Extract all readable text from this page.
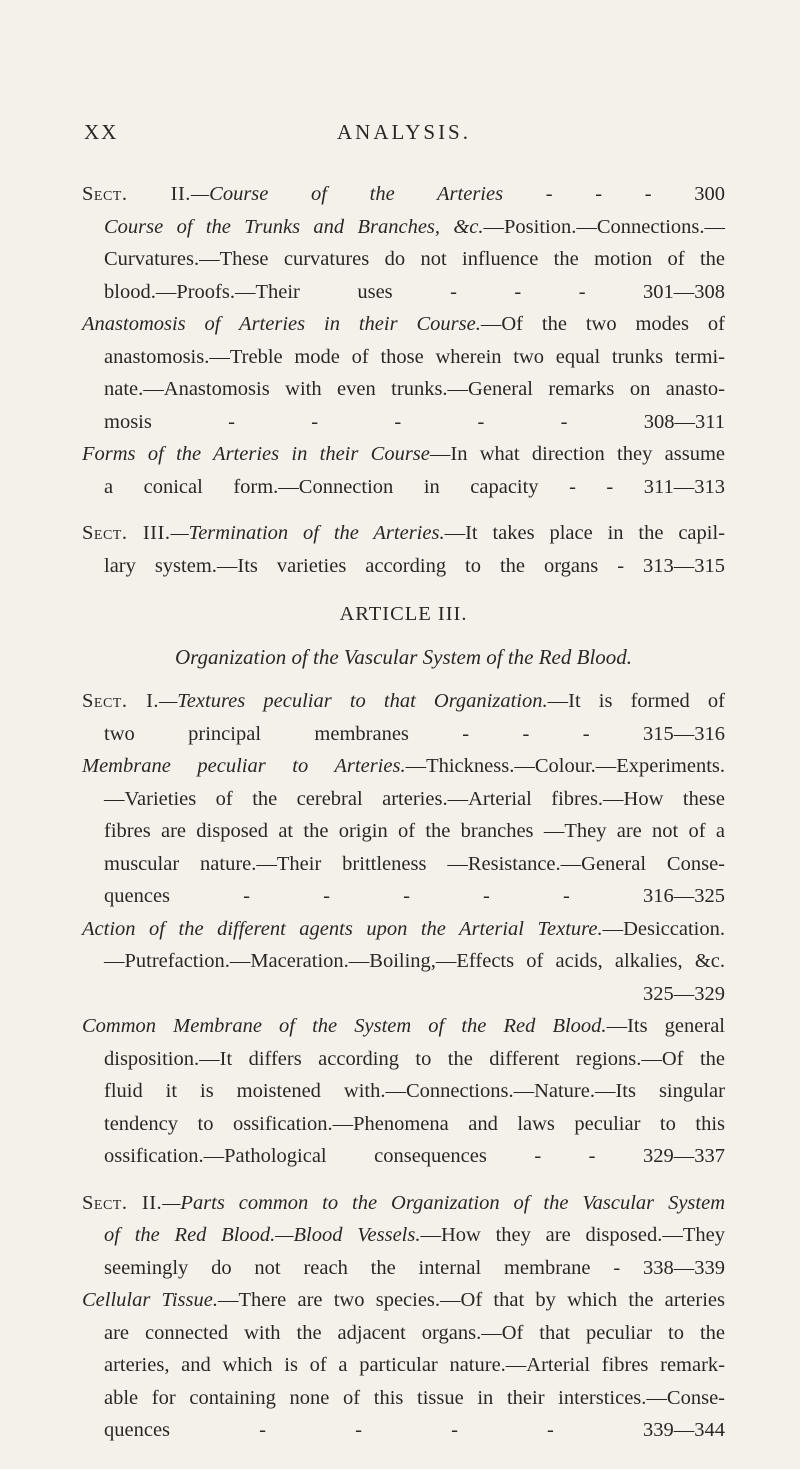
XX	ANALYSIS.
Sect. II.—Course of the Arteries - - - 300
Course of the Trunks and Branches, &c.—Position.—Connections.—
Curvatures.—These curvatures do not influence the motion of the
blood.—Proofs.—Their uses - - - 301—308
Anastomosis of Arteries in their Course.—Of the two modes of
anastomosis.—Treble mode of those wherein two equal trunks termi-
nate.—Anastomosis with even trunks.—General remarks on anasto-
mosis - - - - - 308—311
Forms of the Arteries in their Course—In what direction they assume
a conical form.—Connection in capacity - - 311—313
Sect. III.—Termination of the Arteries.—It takes place in the capil-
lary system.—Its varieties according to the organs - 313—315
ARTICLE III.
Organization of the Vascular System of the Red Blood.
Sect. I.—Textures peculiar to that Organization.—It is formed of
two principal membranes - - - 315—316
Membrane peculiar to Arteries.—Thickness.—Colour.—Experiments.
—Varieties of the cerebral arteries.—Arterial fibres.—How these
fibres are disposed at the origin of the branches —They are not of a
muscular nature.—Their brittleness —Resistance.—General Conse-
quences - - - - - 316—325
Action of the different agents upon the Arterial Texture.—Desiccation.
—Putrefaction.—Maceration.—Boiling,—Effects of acids, alkalies, &c.
325—329
Common Membrane of the System of the Red Blood.—Its general
disposition.—It differs according to the different regions.—Of the
fluid it is moistened with.—Connections.—Nature.—Its singular
tendency to ossification.—Phenomena and laws peculiar to this
ossification.—Pathological consequences - - 329—337
Sect. II.—Parts common to the Organization of the Vascular System
of the Red Blood.—Blood Vessels.—How they are disposed.—They
seemingly do not reach the internal membrane - 338—339
Cellular Tissue.—There are two species.—Of that by which the arteries
are connected with the adjacent organs.—Of that peculiar to the
arteries, and which is of a particular nature.—Arterial fibres remark-
able for containing none of this tissue in their interstices.—Conse-
quences - - - - 339—344
